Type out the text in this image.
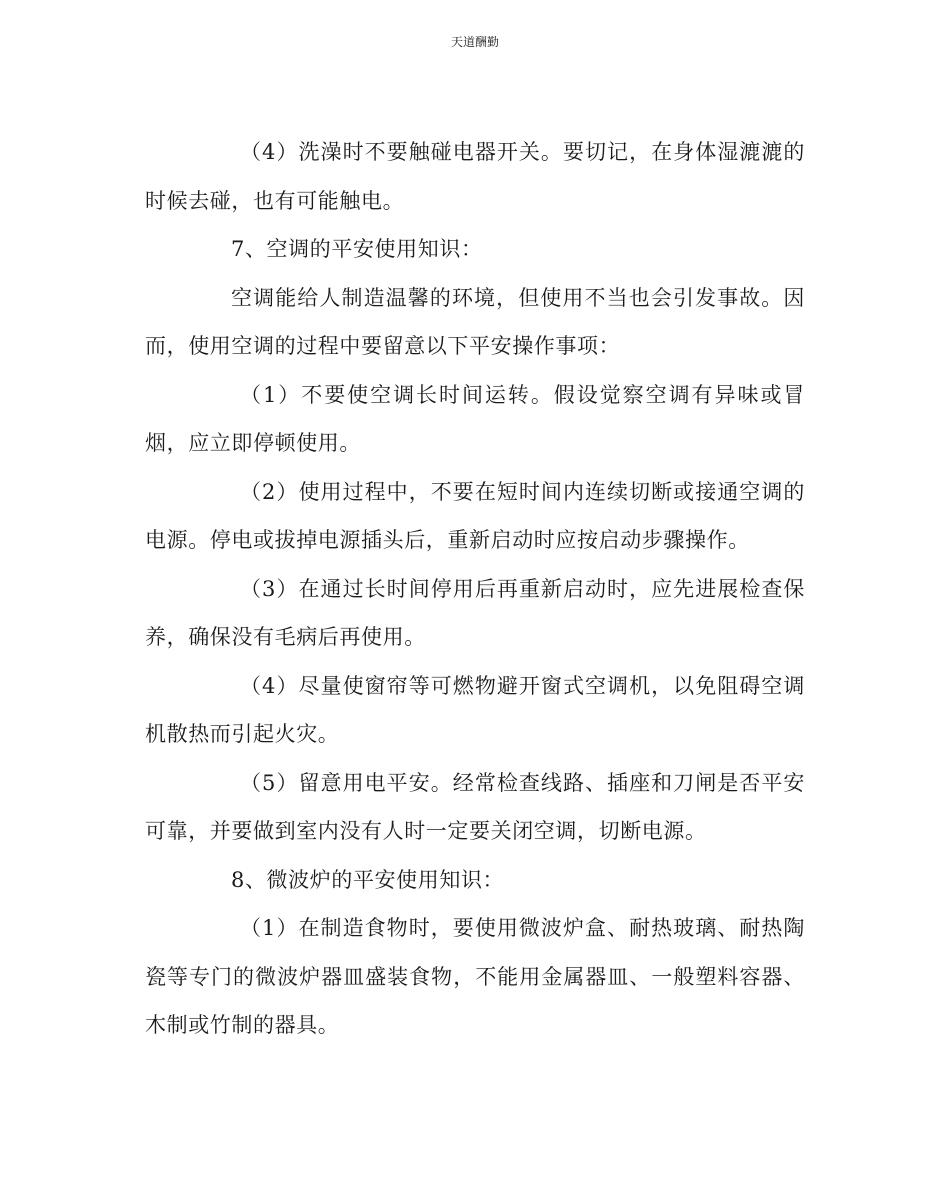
天道酬勤

（4）洗澡时不要触碰电器开关。要切记，在身体湿漉漉的时候去碰，也有可能触电。

7、空调的平安使用知识：

空调能给人制造温馨的环境，但使用不当也会引发事故。因而，使用空调的过程中要留意以下平安操作事项：

（1）不要使空调长时间运转。假设觉察空调有异味或冒烟，应立即停顿使用。

（2）使用过程中，不要在短时间内连续切断或接通空调的电源。停电或拔掉电源插头后，重新启动时应按启动步骤操作。

（3）在通过长时间停用后再重新启动时，应先进展检查保养，确保没有毛病后再使用。

（4）尽量使窗帘等可燃物避开窗式空调机，以免阻碍空调机散热而引起火灾。

（5）留意用电平安。经常检查线路、插座和刀闸是否平安可靠，并要做到室内没有人时一定要关闭空调，切断电源。

8、微波炉的平安使用知识：

（1）在制造食物时，要使用微波炉盒、耐热玻璃、耐热陶瓷等专门的微波炉器皿盛装食物，不能用金属器皿、一般塑料容器、木制或竹制的器具。
